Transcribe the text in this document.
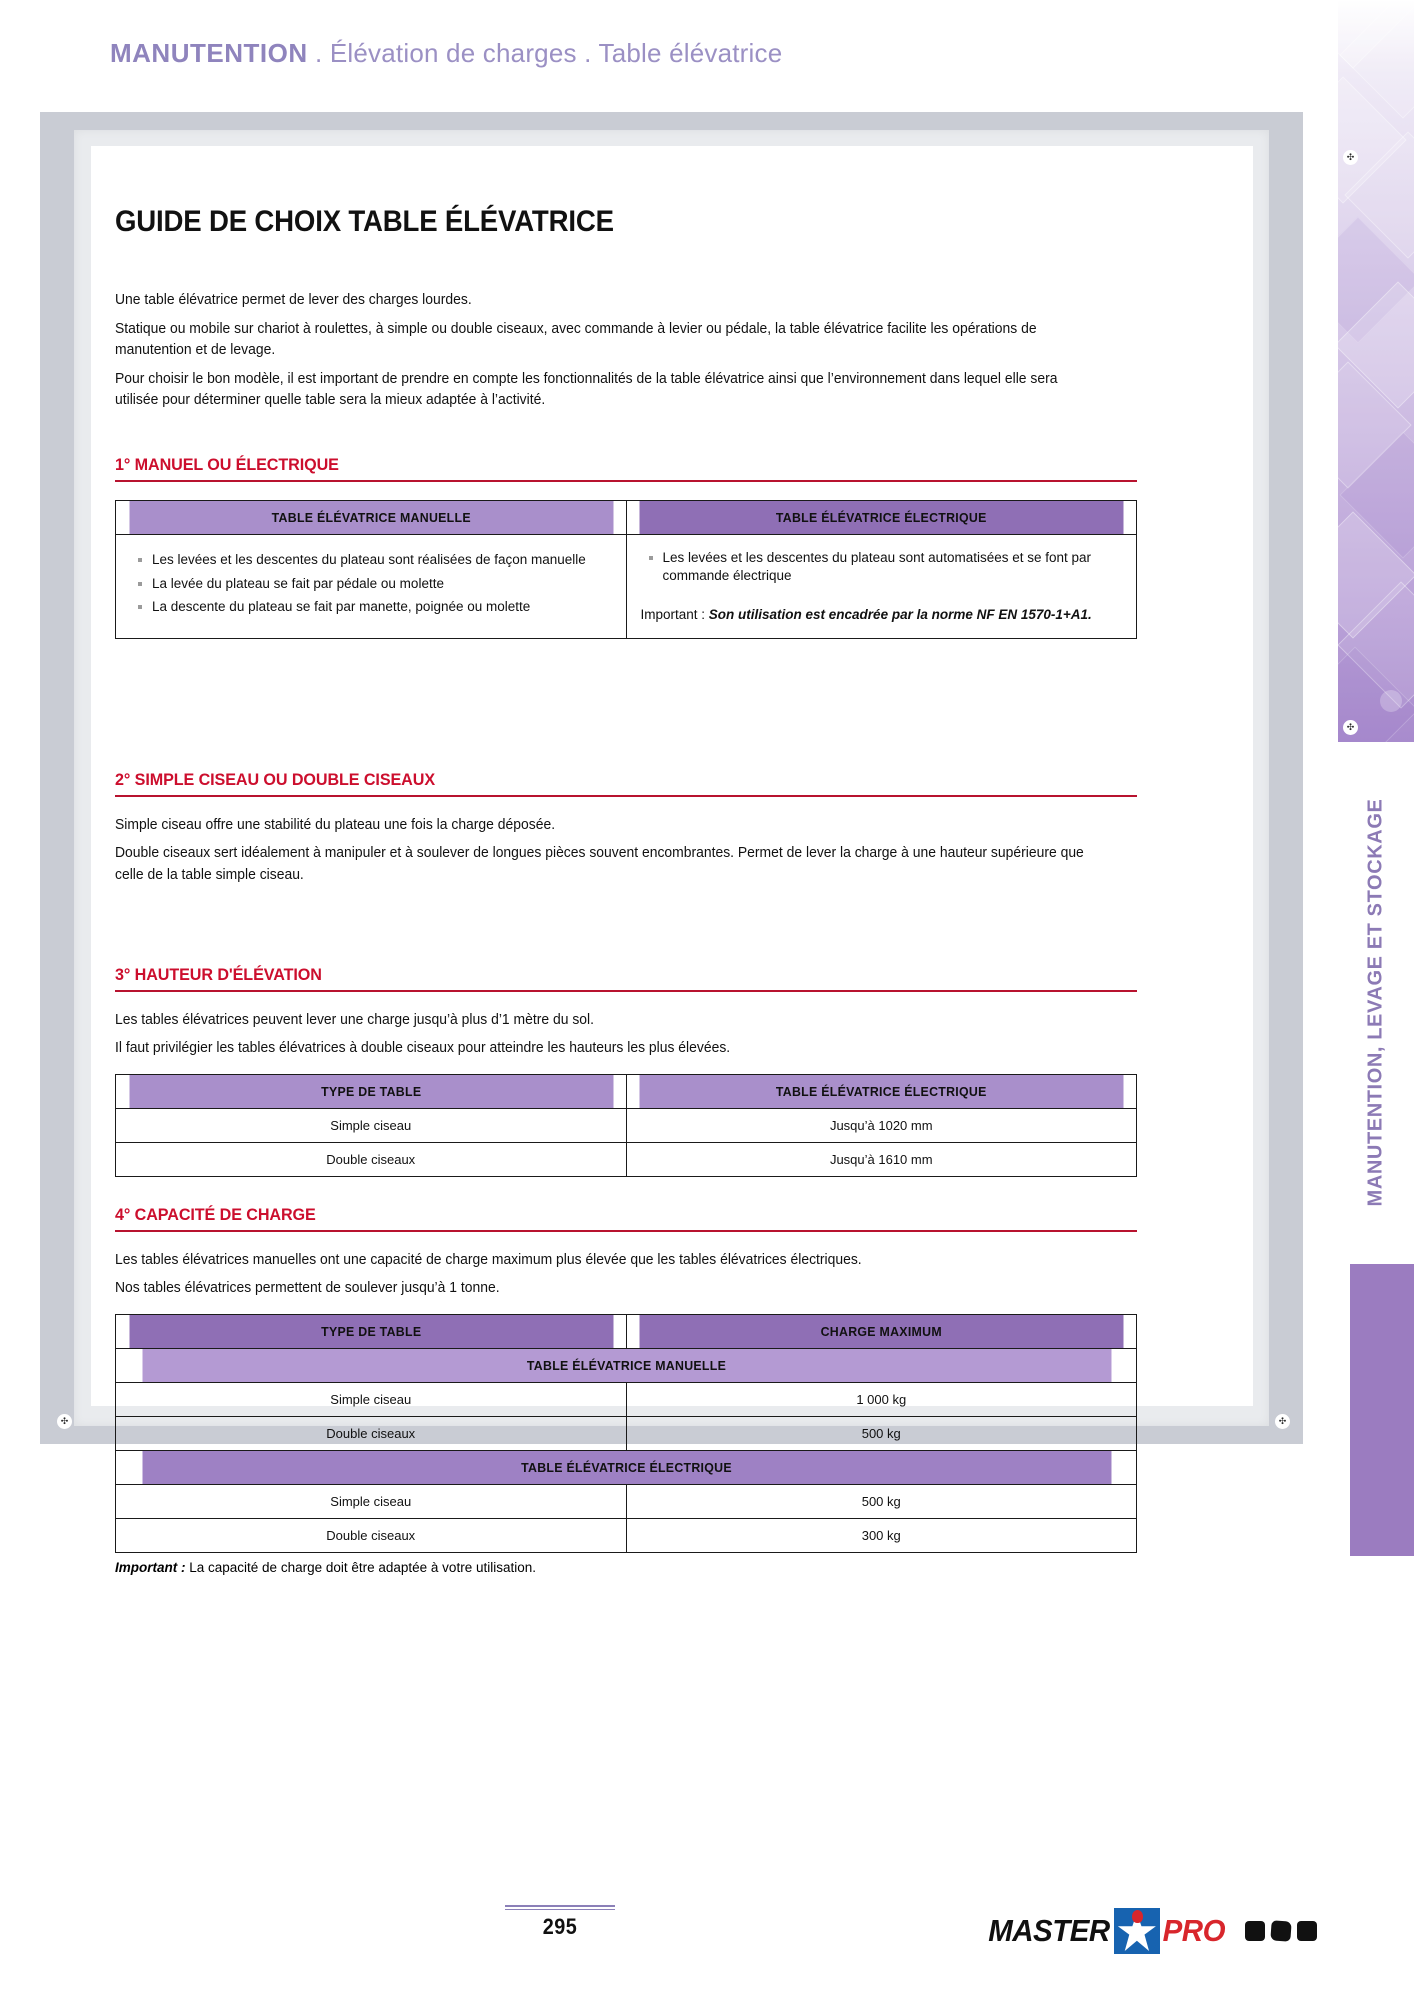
MANUTENTION . Élévation de charges . Table élévatrice
✣
✣
MANUTENTION, LEVAGE ET STOCKAGE
✣	✣
GUIDE DE CHOIX TABLE ÉLÉVATRICE

Une table élévatrice permet de lever des charges lourdes.

Statique ou mobile sur chariot à roulettes, à simple ou double ciseaux, avec commande à levier ou pédale, la table élévatrice facilite les opérations de manutention et de levage.

Pour choisir le bon modèle, il est important de prendre en compte les fonctionnalités de la table élévatrice ainsi que l’environnement dans lequel elle sera utilisée pour déterminer quelle table sera la mieux adaptée à l’activité.

1° MANUEL OU ÉLECTRIQUE
TABLE ÉLÉVATRICE MANUELLE	TABLE ÉLÉVATRICE ÉLECTRIQUE

Les levées et les descentes du plateau sont réalisées de façon manuelle
La levée du plateau se fait par pédale ou molette
La descente du plateau se fait par manette, poignée ou molette

Les levées et les descentes du plateau sont automatisées et se font par commande électrique
Important : Son utilisation est encadrée par la norme NF EN 1570-1+A1.
2° SIMPLE CISEAU OU DOUBLE CISEAUX

Simple ciseau offre une stabilité du plateau une fois la charge déposée.

Double ciseaux sert idéalement à manipuler et à soulever de longues pièces souvent encombrantes. Permet de lever la charge à une hauteur supérieure que celle de la table simple ciseau.

3° HAUTEUR D'ÉLÉVATION

Les tables élévatrices peuvent lever une charge jusqu’à plus d’1 mètre du sol.

Il faut privilégier les tables élévatrices à double ciseaux pour atteindre les hauteurs les plus élevées.

TYPE DE TABLE	TABLE ÉLÉVATRICE ÉLECTRIQUE
Simple ciseau	Jusqu’à 1020 mm
Double ciseaux	Jusqu’à 1610 mm
4° CAPACITÉ DE CHARGE

Les tables élévatrices manuelles ont une capacité de charge maximum plus élevée que les tables élévatrices électriques.

Nos tables élévatrices permettent de soulever jusqu’à 1 tonne.

TYPE DE TABLE	CHARGE MAXIMUM
TABLE ÉLÉVATRICE MANUELLE	
Simple ciseau	1 000 kg
Double ciseaux	500 kg
TABLE ÉLÉVATRICE ÉLECTRIQUE	
Simple ciseau	500 kg
Double ciseaux	300 kg
Important : La capacité de charge doit être adaptée à votre utilisation.
295	MASTER PRO
